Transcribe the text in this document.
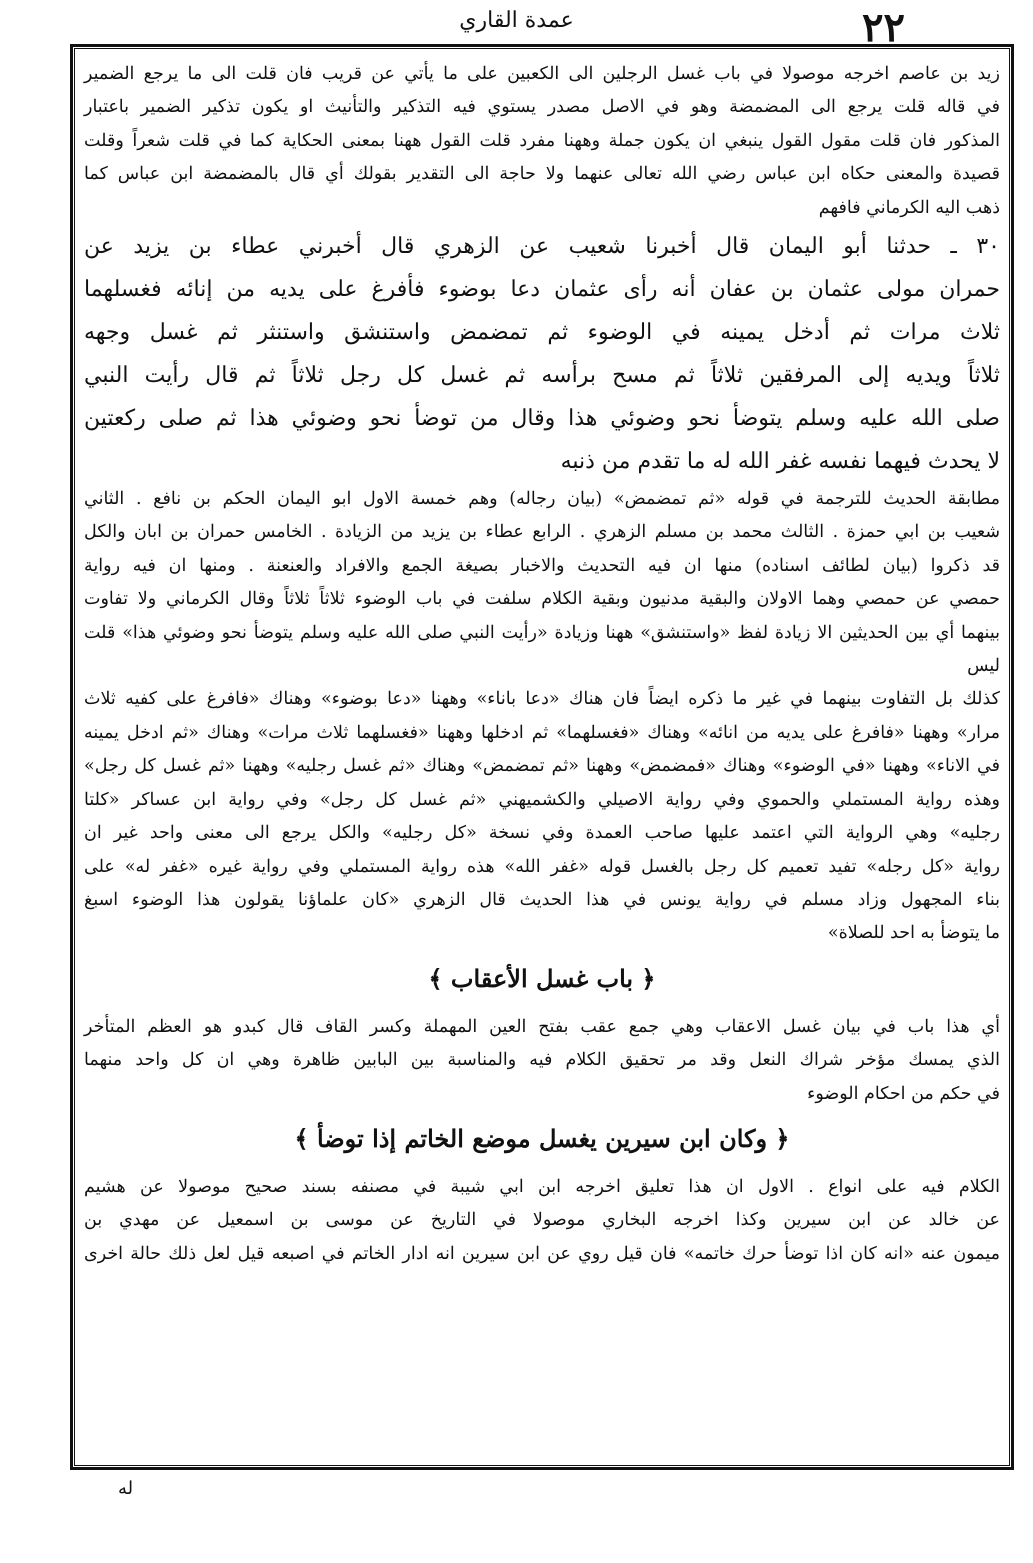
عمدة القاري	٢٢

زيد بن عاصم اخرجه موصولا في باب غسل الرجلين الى الكعبين على ما يأتي عن قريب فان قلت الى ما يرجع الضمير

في قاله قلت يرجع الى المضمضة وهو في الاصل مصدر يستوي فيه التذكير والتأنيث او يكون تذكير الضمير باعتبار

المذكور فان قلت مقول القول ينبغي ان يكون جملة وههنا مفرد قلت القول ههنا بمعنى الحكاية كما في قلت شعراً وقلت

قصيدة والمعنى حكاه ابن عباس رضي الله تعالى عنهما ولا حاجة الى التقدير بقولك أي قال بالمضمضة ابن عباس كما

ذهب اليه الكرماني فافهم

٣٠ ـ حدثنا أبو اليمان قال أخبرنا شعيب عن الزهري قال أخبرني عطاء بن يزيد عن

حمران مولى عثمان بن عفان أنه رأى عثمان دعا بوضوء فأفرغ على يديه من إنائه فغسلهما

ثلاث مرات ثم أدخل يمينه في الوضوء ثم تمضمض واستنشق واستنثر ثم غسل وجهه

ثلاثاً ويديه إلى المرفقين ثلاثاً ثم مسح برأسه ثم غسل كل رجل ثلاثاً ثم قال رأيت النبي

صلى الله عليه وسلم يتوضأ نحو وضوئي هذا وقال من توضأ نحو وضوئي هذا ثم صلى ركعتين

لا يحدث فيهما نفسه غفر الله له ما تقدم من ذنبه

مطابقة الحديث للترجمة في قوله «ثم تمضمض» (بيان رجاله) وهم خمسة الاول ابو اليمان الحكم بن نافع . الثاني

شعيب بن ابي حمزة . الثالث محمد بن مسلم الزهري . الرابع عطاء بن يزيد من الزيادة . الخامس حمران بن ابان والكل

قد ذكروا (بيان لطائف اسناده) منها ان فيه التحديث والاخبار بصيغة الجمع والافراد والعنعنة . ومنها ان فيه رواية

حمصي عن حمصي وهما الاولان والبقية مدنيون وبقية الكلام سلفت في باب الوضوء ثلاثاً ثلاثاً وقال الكرماني ولا تفاوت

بينهما أي بين الحديثين الا زيادة لفظ «واستنشق» ههنا وزيادة «رأيت النبي صلى الله عليه وسلم يتوضأ نحو وضوئي هذا» قلت ليس

كذلك بل التفاوت بينهما في غير ما ذكره ايضاً فان هناك «دعا باناء» وههنا «دعا بوضوء» وهناك «فافرغ على كفيه ثلاث

مرار» وههنا «فافرغ على يديه من انائه» وهناك «فغسلهما» ثم ادخلها وههنا «فغسلهما ثلاث مرات» وهناك «ثم ادخل يمينه

في الاناء» وههنا «في الوضوء» وهناك «فمضمض» وههنا «ثم تمضمض» وهناك «ثم غسل رجليه» وههنا «ثم غسل كل رجل»

وهذه رواية المستملي والحموي وفي رواية الاصيلي والكشميهني «ثم غسل كل رجل» وفي رواية ابن عساكر «كلتا

رجليه» وهي الرواية التي اعتمد عليها صاحب العمدة وفي نسخة «كل رجليه» والكل يرجع الى معنى واحد غير ان

رواية «كل رجله» تفيد تعميم كل رجل بالغسل قوله «غفر الله» هذه رواية المستملي وفي رواية غيره «غفر له» على

بناء المجهول وزاد مسلم في رواية يونس في هذا الحديث قال الزهري «كان علماؤنا يقولون هذا الوضوء اسبغ

ما يتوضأ به احد للصلاة»

﴿ باب غسل الأعقاب ﴾

أي هذا باب في بيان غسل الاعقاب وهي جمع عقب بفتح العين المهملة وكسر القاف قال كبدو هو العظم المتأخر

الذي يمسك مؤخر شراك النعل وقد مر تحقيق الكلام فيه والمناسبة بين البابين ظاهرة وهي ان كل واحد منهما

في حكم من احكام الوضوء

﴿ وكان ابن سيرين يغسل موضع الخاتم إذا توضأ ﴾

الكلام فيه على انواع . الاول ان هذا تعليق اخرجه ابن ابي شيبة في مصنفه بسند صحيح موصولا عن هشيم

عن خالد عن ابن سيرين وكذا اخرجه البخاري موصولا في التاريخ عن موسى بن اسمعيل عن مهدي بن

ميمون عنه «انه كان اذا توضأ حرك خاتمه» فان قيل روي عن ابن سيرين انه ادار الخاتم في اصبعه قيل لعل ذلك حالة اخرى

له
